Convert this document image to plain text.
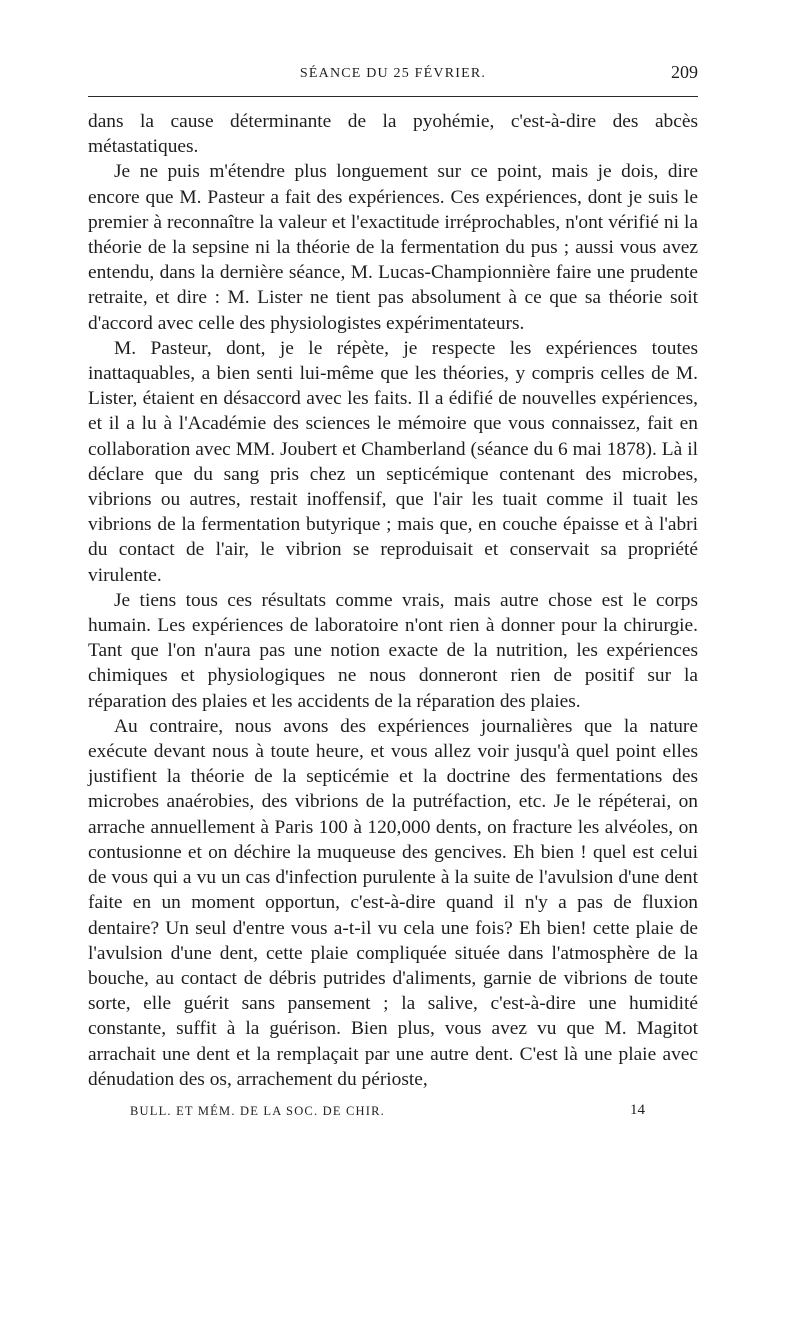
SÉANCE DU 25 FÉVRIER.	209

dans la cause déterminante de la pyohémie, c'est-à-dire des abcès métastatiques.

Je ne puis m'étendre plus longuement sur ce point, mais je dois, dire encore que M. Pasteur a fait des expériences. Ces expériences, dont je suis le premier à reconnaître la valeur et l'exactitude irréprochables, n'ont vérifié ni la théorie de la sepsine ni la théorie de la fermentation du pus ; aussi vous avez entendu, dans la dernière séance, M. Lucas-Championnière faire une prudente retraite, et dire : M. Lister ne tient pas absolument à ce que sa théorie soit d'accord avec celle des physiologistes expérimentateurs.

M. Pasteur, dont, je le répète, je respecte les expériences toutes inattaquables, a bien senti lui-même que les théories, y compris celles de M. Lister, étaient en désaccord avec les faits. Il a édifié de nouvelles expériences, et il a lu à l'Académie des sciences le mémoire que vous connaissez, fait en collaboration avec MM. Joubert et Chamberland (séance du 6 mai 1878). Là il déclare que du sang pris chez un septicémique contenant des microbes, vibrions ou autres, restait inoffensif, que l'air les tuait comme il tuait les vibrions de la fermentation butyrique ; mais que, en couche épaisse et à l'abri du contact de l'air, le vibrion se reproduisait et conservait sa propriété virulente.

Je tiens tous ces résultats comme vrais, mais autre chose est le corps humain. Les expériences de laboratoire n'ont rien à donner pour la chirurgie. Tant que l'on n'aura pas une notion exacte de la nutrition, les expériences chimiques et physiologiques ne nous donneront rien de positif sur la réparation des plaies et les accidents de la réparation des plaies.

Au contraire, nous avons des expériences journalières que la nature exécute devant nous à toute heure, et vous allez voir jusqu'à quel point elles justifient la théorie de la septicémie et la doctrine des fermentations des microbes anaérobies, des vibrions de la putréfaction, etc. Je le répéterai, on arrache annuellement à Paris 100 à 120,000 dents, on fracture les alvéoles, on contusionne et on déchire la muqueuse des gencives. Eh bien ! quel est celui de vous qui a vu un cas d'infection purulente à la suite de l'avulsion d'une dent faite en un moment opportun, c'est-à-dire quand il n'y a pas de fluxion dentaire? Un seul d'entre vous a-t-il vu cela une fois? Eh bien! cette plaie de l'avulsion d'une dent, cette plaie compliquée située dans l'atmosphère de la bouche, au contact de débris putrides d'aliments, garnie de vibrions de toute sorte, elle guérit sans pansement ; la salive, c'est-à-dire une humidité constante, suffit à la guérison. Bien plus, vous avez vu que M. Magitot arrachait une dent et la remplaçait par une autre dent. C'est là une plaie avec dénudation des os, arrachement du périoste,

BULL. ET MÉM. DE LA SOC. DE CHIR.	14
